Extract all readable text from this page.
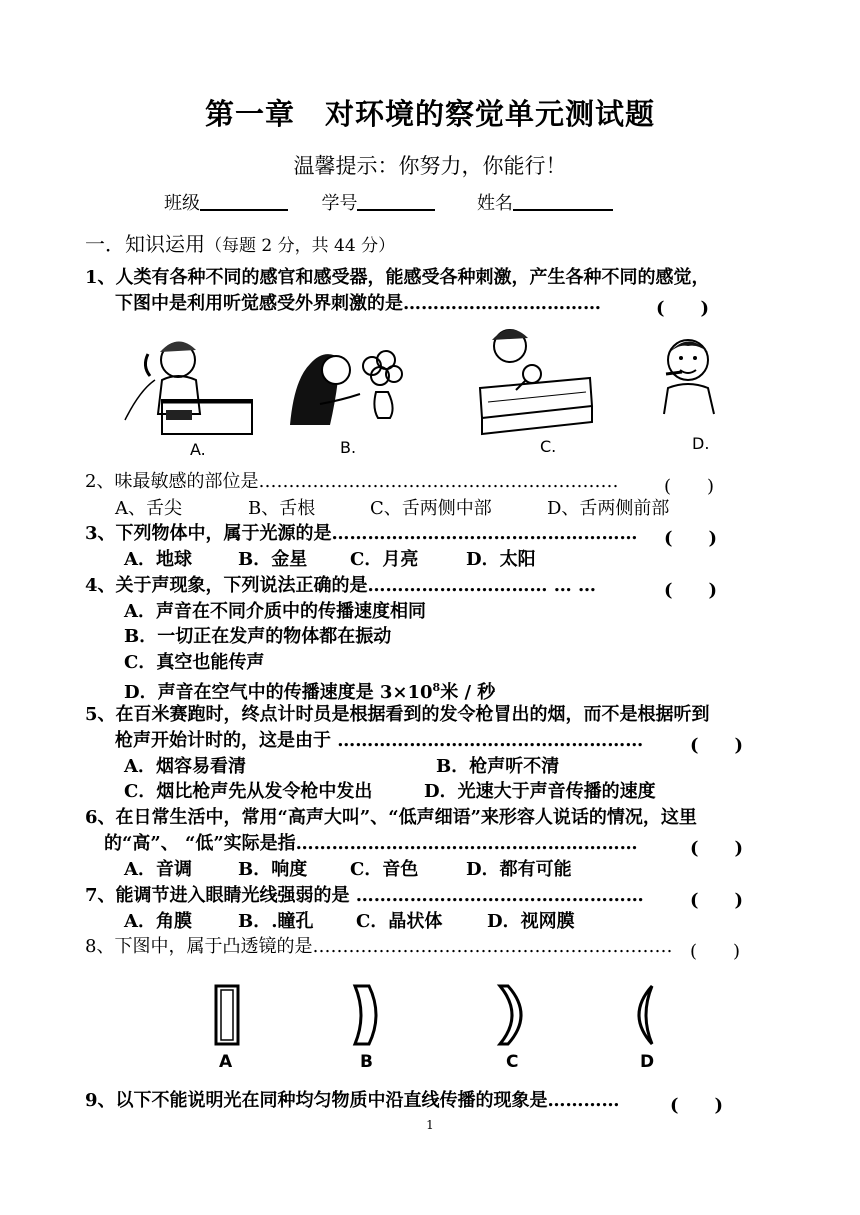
第一章　对环境的察觉单元测试题
温馨提示：你努力，你能行！
班级	学号	姓名
一．知识运用（每题 2 分，共 44 分）
1、人类有各种不同的感官和感受器，能感受各种刺激，产生各种不同的感觉，
下图中是利用听觉感受外界刺激的是……………………………	(　　)
A.	B.	C.	D.
2、味最敏感的部位是……………………………………………………	(　　)
A、舌尖	B、舌根	C、舌两侧中部	D、舌两侧前部
3、下列物体中，属于光源的是…………………………………………… (　　)
A．地球	B．金星 C．月亮	D．太阳
4、关于声现象，下列说法正确的是………………………… … …	(　　)
A．声音在不同介质中的传播速度相同
B．一切正在发声的物体都在振动
C．真空也能传声
D．声音在空气中的传播速度是 $3\times 10^8$米 / 秒
5、在百米赛跑时，终点计时员是根据看到的发令枪冒出的烟，而不是根据听到
枪声开始计时的，这是由于 ……………………………………………	(　　)
A．烟容易看清	B．枪声听不清
C．烟比枪声先从发令枪中发出	D．光速大于声音传播的速度
6、在日常生活中，常用“高声大叫”、“低声细语”来形容人说话的情况，这里
的“高”、 “低”实际是指…………………………………………………	(　　)
A．音调	B．响度 C．音色	D．都有可能
7、能调节进入眼睛光线强弱的是 …………………………………………	(　　)
A．角膜	B．.瞳孔 C．晶状体 D．视网膜
8、下图中，属于凸透镜的是…………………………………………………… (　　)
A	B	C	D
9、以下不能说明光在同种均匀物质中沿直线传播的现象是…………	(　　)
1
